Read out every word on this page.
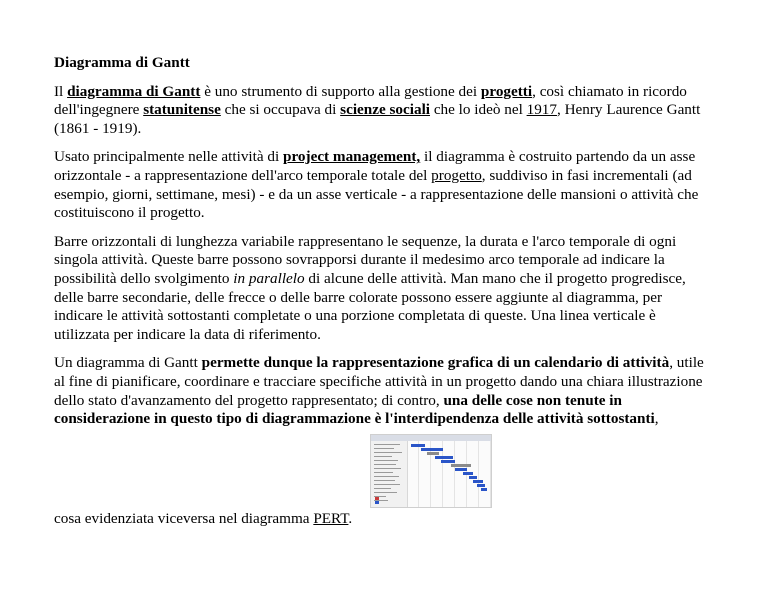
Diagramma di Gantt

Il diagramma di Gantt è uno strumento di supporto alla gestione dei progetti, così chiamato in ricordo dell'ingegnere statunitense che si occupava di scienze sociali che lo ideò nel 1917, Henry Laurence Gantt (1861 - 1919).

Usato principalmente nelle attività di project management, il diagramma è costruito partendo da un asse orizzontale - a rappresentazione dell'arco temporale totale del progetto, suddiviso in fasi incrementali (ad esempio, giorni, settimane, mesi) - e da un asse verticale - a rappresentazione delle mansioni o attività che costituiscono il progetto.

Barre orizzontali di lunghezza variabile rappresentano le sequenze, la durata e l'arco temporale di ogni singola attività. Queste barre possono sovrapporsi durante il medesimo arco temporale ad indicare la possibilità dello svolgimento in parallelo di alcune delle attività. Man mano che il progetto progredisce, delle barre secondarie, delle frecce o delle barre colorate possono essere aggiunte al diagramma, per indicare le attività sottostanti completate o una porzione completata di queste. Una linea verticale è utilizzata per indicare la data di riferimento.

Un diagramma di Gantt permette dunque la rappresentazione grafica di un calendario di attività, utile al fine di pianificare, coordinare e tracciare specifiche attività in un progetto dando una chiara illustrazione dello stato d'avanzamento del progetto rappresentato; di contro, una delle cose non tenute in considerazione in questo tipo di diagrammazione è l'interdipendenza delle attività sottostanti,

cosa evidenziata viceversa nel diagramma PERT.
